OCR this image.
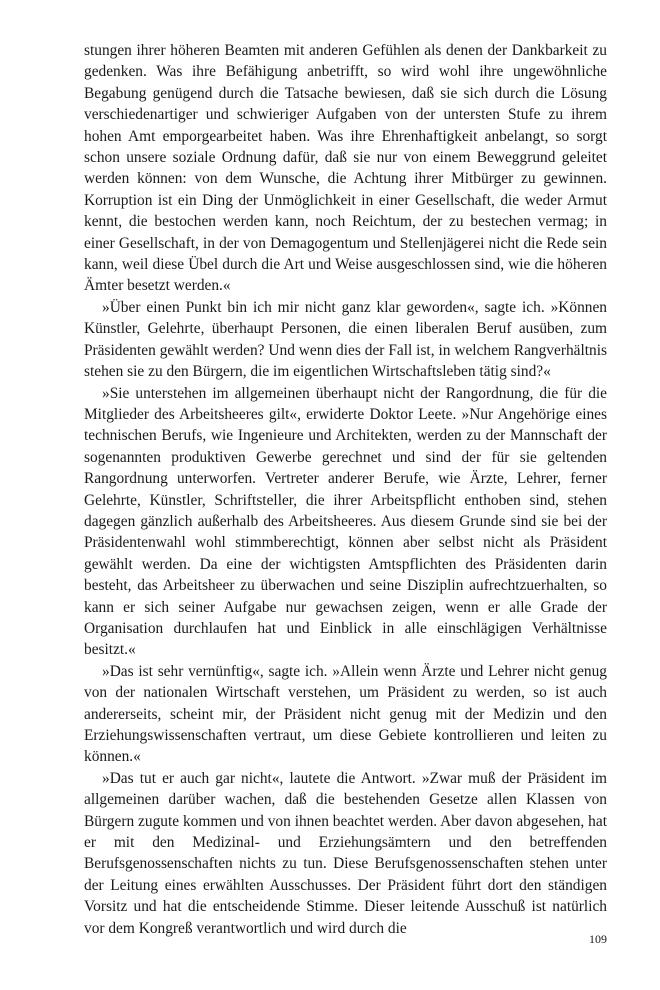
stungen ihrer höheren Beamten mit anderen Gefühlen als denen der Dankbarkeit zu gedenken. Was ihre Befähigung anbetrifft, so wird wohl ihre ungewöhnliche Begabung genügend durch die Tatsache bewiesen, daß sie sich durch die Lösung verschiedenartiger und schwieriger Aufgaben von der untersten Stufe zu ihrem hohen Amt emporgearbeitet haben. Was ihre Ehrenhaftigkeit anbelangt, so sorgt schon unsere soziale Ordnung dafür, daß sie nur von einem Beweggrund geleitet werden können: von dem Wunsche, die Achtung ihrer Mitbürger zu gewinnen. Korruption ist ein Ding der Unmöglichkeit in einer Gesellschaft, die weder Armut kennt, die bestochen werden kann, noch Reichtum, der zu bestechen vermag; in einer Gesellschaft, in der von Demagogentum und Stellenjägerei nicht die Rede sein kann, weil diese Übel durch die Art und Weise ausgeschlossen sind, wie die höheren Ämter besetzt werden.«

»Über einen Punkt bin ich mir nicht ganz klar geworden«, sagte ich. »Können Künstler, Gelehrte, überhaupt Personen, die einen liberalen Beruf ausüben, zum Präsidenten gewählt werden? Und wenn dies der Fall ist, in welchem Rangverhältnis stehen sie zu den Bürgern, die im eigentlichen Wirtschaftsleben tätig sind?«

»Sie unterstehen im allgemeinen überhaupt nicht der Rangordnung, die für die Mitglieder des Arbeitsheeres gilt«, erwiderte Doktor Leete. »Nur Angehörige eines technischen Berufs, wie Ingenieure und Architekten, werden zu der Mannschaft der sogenannten produktiven Gewerbe gerechnet und sind der für sie geltenden Rangordnung unterworfen. Vertreter anderer Berufe, wie Ärzte, Lehrer, ferner Gelehrte, Künstler, Schriftsteller, die ihrer Arbeitspflicht enthoben sind, stehen dagegen gänzlich außerhalb des Arbeitsheeres. Aus diesem Grunde sind sie bei der Präsidentenwahl wohl stimmberechtigt, können aber selbst nicht als Präsident gewählt werden. Da eine der wichtigsten Amtspflichten des Präsidenten darin besteht, das Arbeitsheer zu überwachen und seine Disziplin aufrechtzuerhalten, so kann er sich seiner Aufgabe nur gewachsen zeigen, wenn er alle Grade der Organisation durchlaufen hat und Einblick in alle einschlägigen Verhältnisse besitzt.«

»Das ist sehr vernünftig«, sagte ich. »Allein wenn Ärzte und Lehrer nicht genug von der nationalen Wirtschaft verstehen, um Präsident zu werden, so ist auch andererseits, scheint mir, der Präsident nicht genug mit der Medizin und den Erziehungswissenschaften vertraut, um diese Gebiete kontrollieren und leiten zu können.«

»Das tut er auch gar nicht«, lautete die Antwort. »Zwar muß der Präsident im allgemeinen darüber wachen, daß die bestehenden Gesetze allen Klassen von Bürgern zugute kommen und von ihnen beachtet werden. Aber davon abgesehen, hat er mit den Medizinal- und Erziehungsämtern und den betreffenden Berufsgenossenschaften nichts zu tun. Diese Berufsgenossenschaften stehen unter der Leitung eines erwählten Ausschusses. Der Präsident führt dort den ständigen Vorsitz und hat die entscheidende Stimme. Dieser leitende Ausschuß ist natürlich vor dem Kongreß verantwortlich und wird durch die

109
